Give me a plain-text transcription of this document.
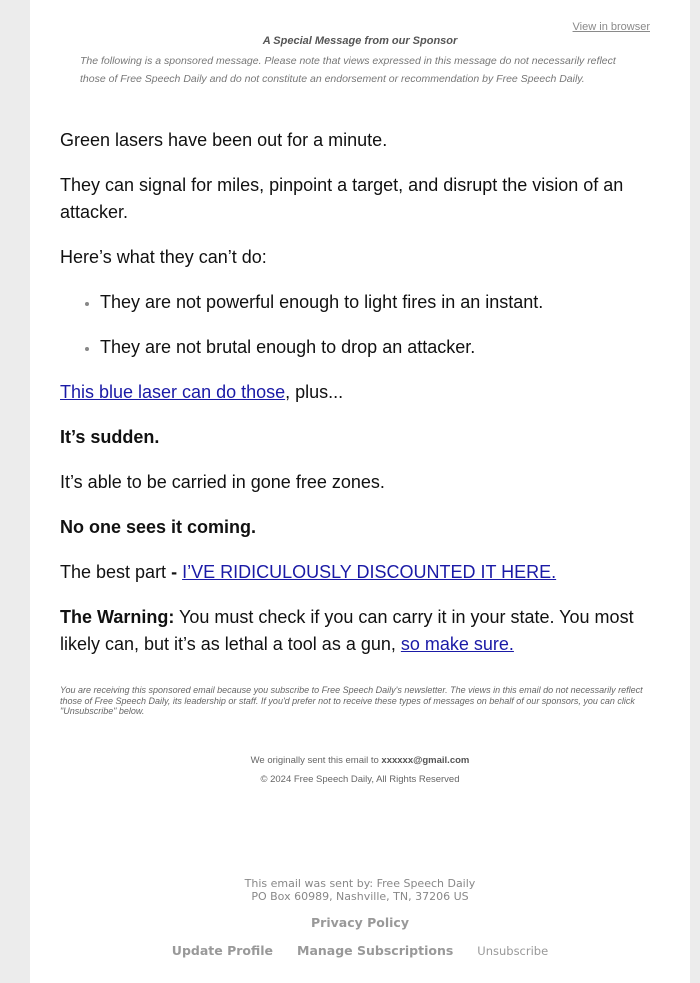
View in browser
A Special Message from our Sponsor
The following is a sponsored message. Please note that views expressed in this message do not necessarily reflect those of Free Speech Daily and do not constitute an endorsement or recommendation by Free Speech Daily.

Green lasers have been out for a minute.

They can signal for miles, pinpoint a target, and disrupt the vision of an attacker.

Here’s what they can’t do:

• They are not powerful enough to light fires in an instant.
• They are not brutal enough to drop an attacker.

This blue laser can do those, plus...

It’s sudden.

It’s able to be carried in gone free zones.

No one sees it coming.

The best part - I’VE RIDICULOUSLY DISCOUNTED IT HERE.

The Warning: You must check if you can carry it in your state. You most likely can, but it’s as lethal a tool as a gun, so make sure.

You are receiving this sponsored email because you subscribe to Free Speech Daily's newsletter. The views in this email do not necessarily reflect those of Free Speech Daily, its leadership or staff. If you'd prefer not to receive these types of messages on behalf of our sponsors, you can click "Unsubscribe" below.
We originally sent this email to xxxxxx@gmail.com
© 2024 Free Speech Daily, All Rights Reserved
This email was sent by: Free Speech Daily
PO Box 60989, Nashville, TN, 37206 US
Privacy Policy
Update Profile Manage Subscriptions Unsubscribe
